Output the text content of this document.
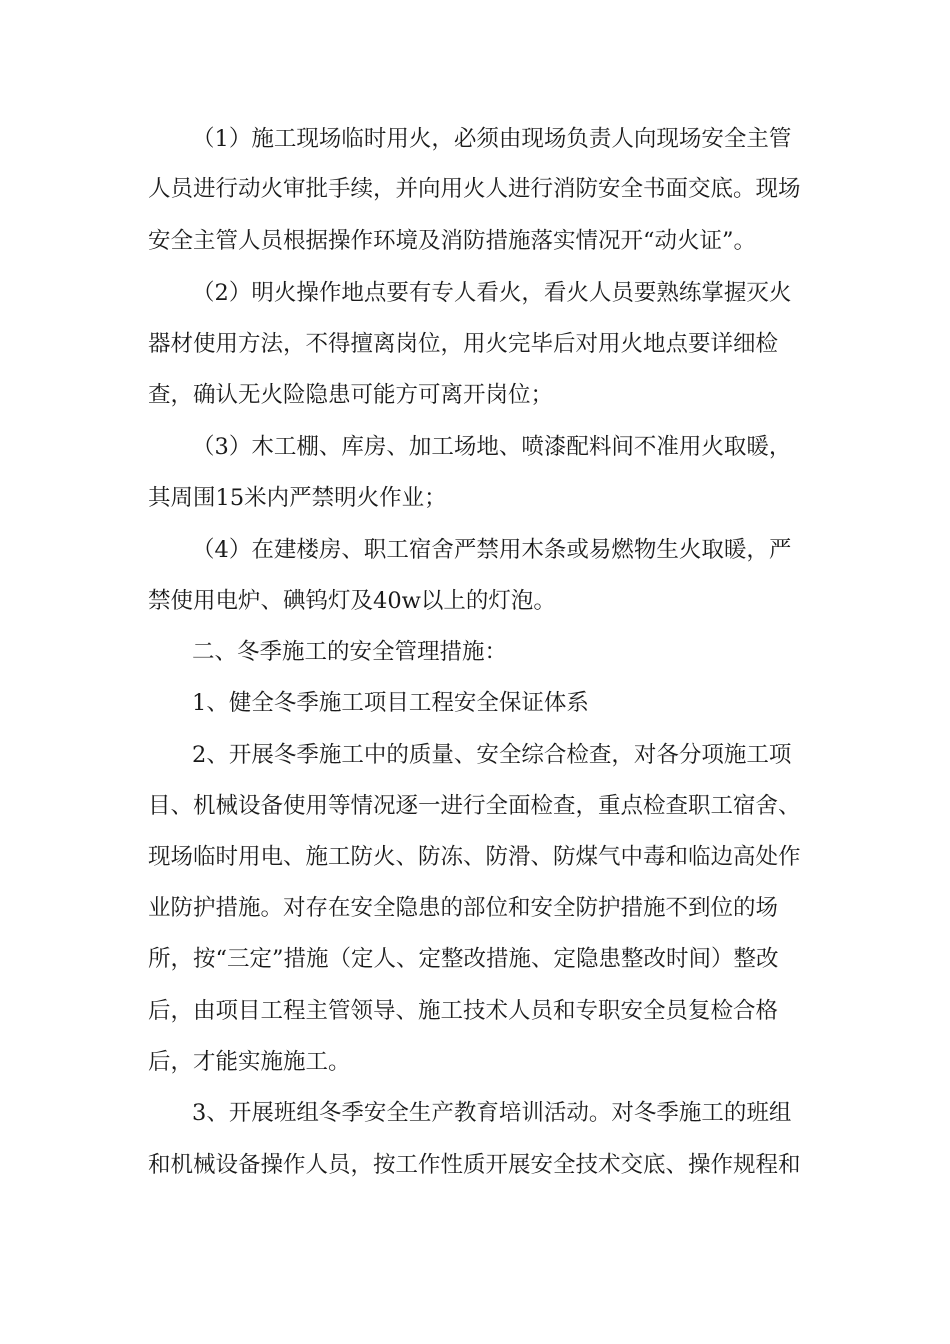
（1）施工现场临时用火，必须由现场负责人向现场安全主管
人员进行动火审批手续，并向用火人进行消防安全书面交底。现场
安全主管人员根据操作环境及消防措施落实情况开“动火证”。
（2）明火操作地点要有专人看火，看火人员要熟练掌握灭火
器材使用方法，不得擅离岗位，用火完毕后对用火地点要详细检
查，确认无火险隐患可能方可离开岗位；
（3）木工棚、库房、加工场地、喷漆配料间不准用火取暖，
其周围15米内严禁明火作业；
（4）在建楼房、职工宿舍严禁用木条或易燃物生火取暖，严
禁使用电炉、碘钨灯及40w以上的灯泡。
二、冬季施工的安全管理措施：
1、健全冬季施工项目工程安全保证体系
2、开展冬季施工中的质量、安全综合检查，对各分项施工项
目、机械设备使用等情况逐一进行全面检查，重点检查职工宿舍、
现场临时用电、施工防火、防冻、防滑、防煤气中毒和临边高处作
业防护措施。对存在安全隐患的部位和安全防护措施不到位的场
所，按“三定”措施（定人、定整改措施、定隐患整改时间）整改
后，由项目工程主管领导、施工技术人员和专职安全员复检合格
后，才能实施施工。
3、开展班组冬季安全生产教育培训活动。对冬季施工的班组
和机械设备操作人员，按工作性质开展安全技术交底、操作规程和
